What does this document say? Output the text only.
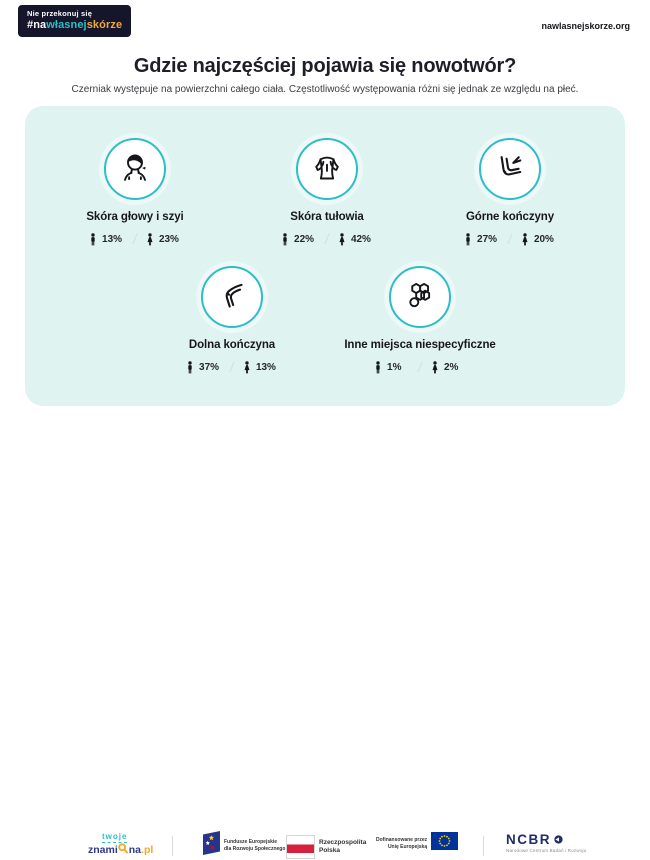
Nie przekonuj się
#nawłasnejskórze	nawlasnejskorze.org
Gdzie najczęściej pojawia się nowotwór?
Czerniak występuje na powierzchni całego ciała. Częstotliwość występowania różni się jednak ze względu na płeć.
Skóra głowy i szyi
13% / 23%
Skóra tułowia
22% / 42%
Górne kończyny
27% / 20%
Dolna kończyna
37% / 13%
Inne miejsca niespecyficzne
1%	/ 2%
twoje
znami na .pl
Fundusze Europejskie
dla Rozwoju Społecznego
Rzeczpospolita
Polska
Dofinansowane przez
Unię Europejską	NCBR
Narodowe Centrum Badań i Rozwoju
